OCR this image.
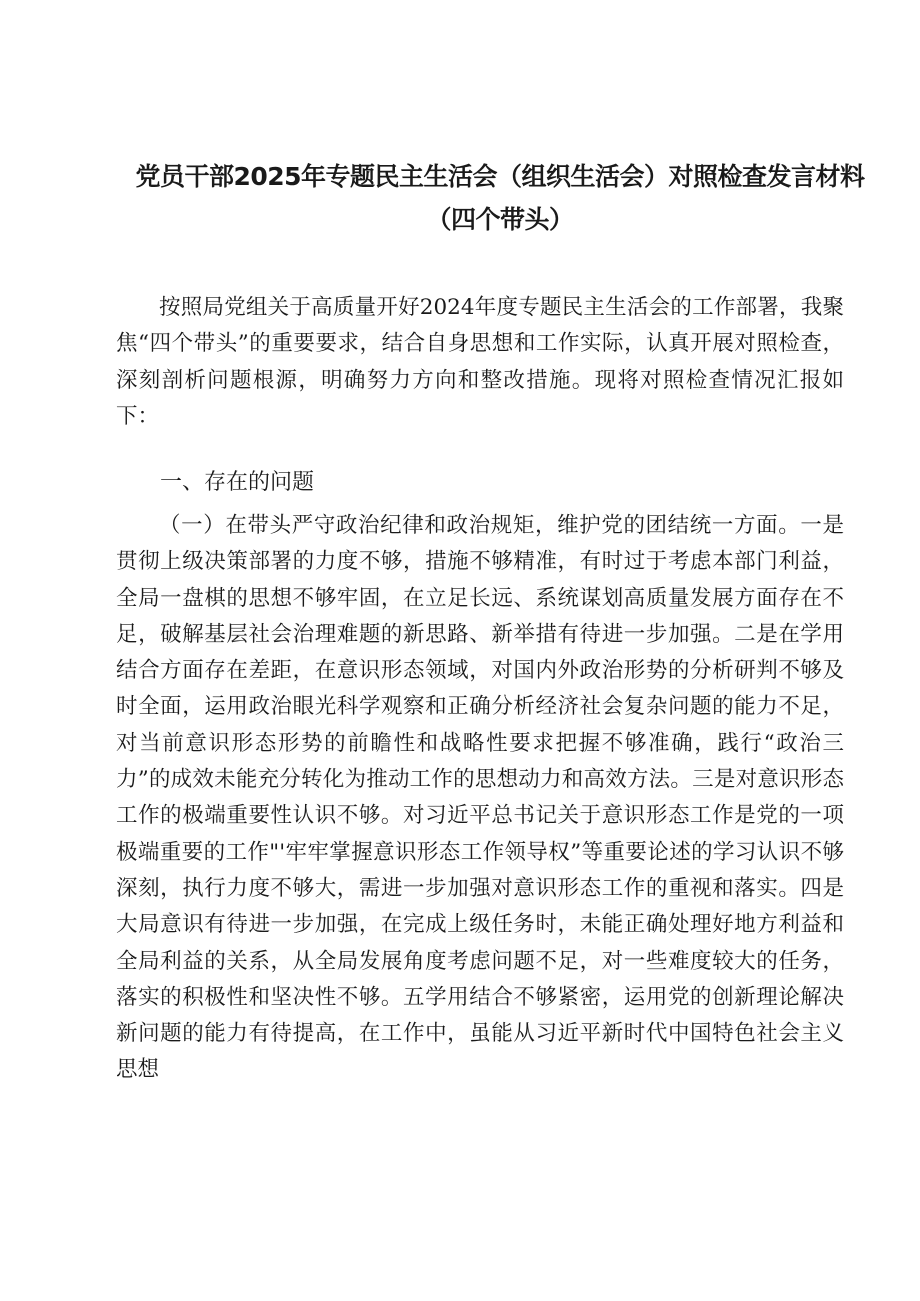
党员干部2025年专题民主生活会（组织生活会）对照检查发言材料
（四个带头）
按照局党组关于高质量开好2024年度专题民主生活会的工作部署，我聚焦“四个带头”的重要要求，结合自身思想和工作实际，认真开展对照检查，深刻剖析问题根源，明确努力方向和整改措施。现将对照检查情况汇报如下：
一、存在的问题
（一）在带头严守政治纪律和政治规矩，维护党的团结统一方面。一是贯彻上级决策部署的力度不够，措施不够精准，有时过于考虑本部门利益，全局一盘棋的思想不够牢固，在立足长远、系统谋划高质量发展方面存在不足，破解基层社会治理难题的新思路、新举措有待进一步加强。二是在学用结合方面存在差距，在意识形态领域，对国内外政治形势的分析研判不够及时全面，运用政治眼光科学观察和正确分析经济社会复杂问题的能力不足，对当前意识形态形势的前瞻性和战略性要求把握不够准确，践行“政治三力”的成效未能充分转化为推动工作的思想动力和高效方法。三是对意识形态工作的极端重要性认识不够。对习近平总书记关于意识形态工作是党的一项极端重要的工作"'牢牢掌握意识形态工作领导权”等重要论述的学习认识不够深刻，执行力度不够大，需进一步加强对意识形态工作的重视和落实。四是大局意识有待进一步加强，在完成上级任务时，未能正确处理好地方利益和全局利益的关系，从全局发展角度考虑问题不足，对一些难度较大的任务，落实的积极性和坚决性不够。五学用结合不够紧密，运用党的创新理论解决新问题的能力有待提高，在工作中，虽能从习近平新时代中国特色社会主义思想
